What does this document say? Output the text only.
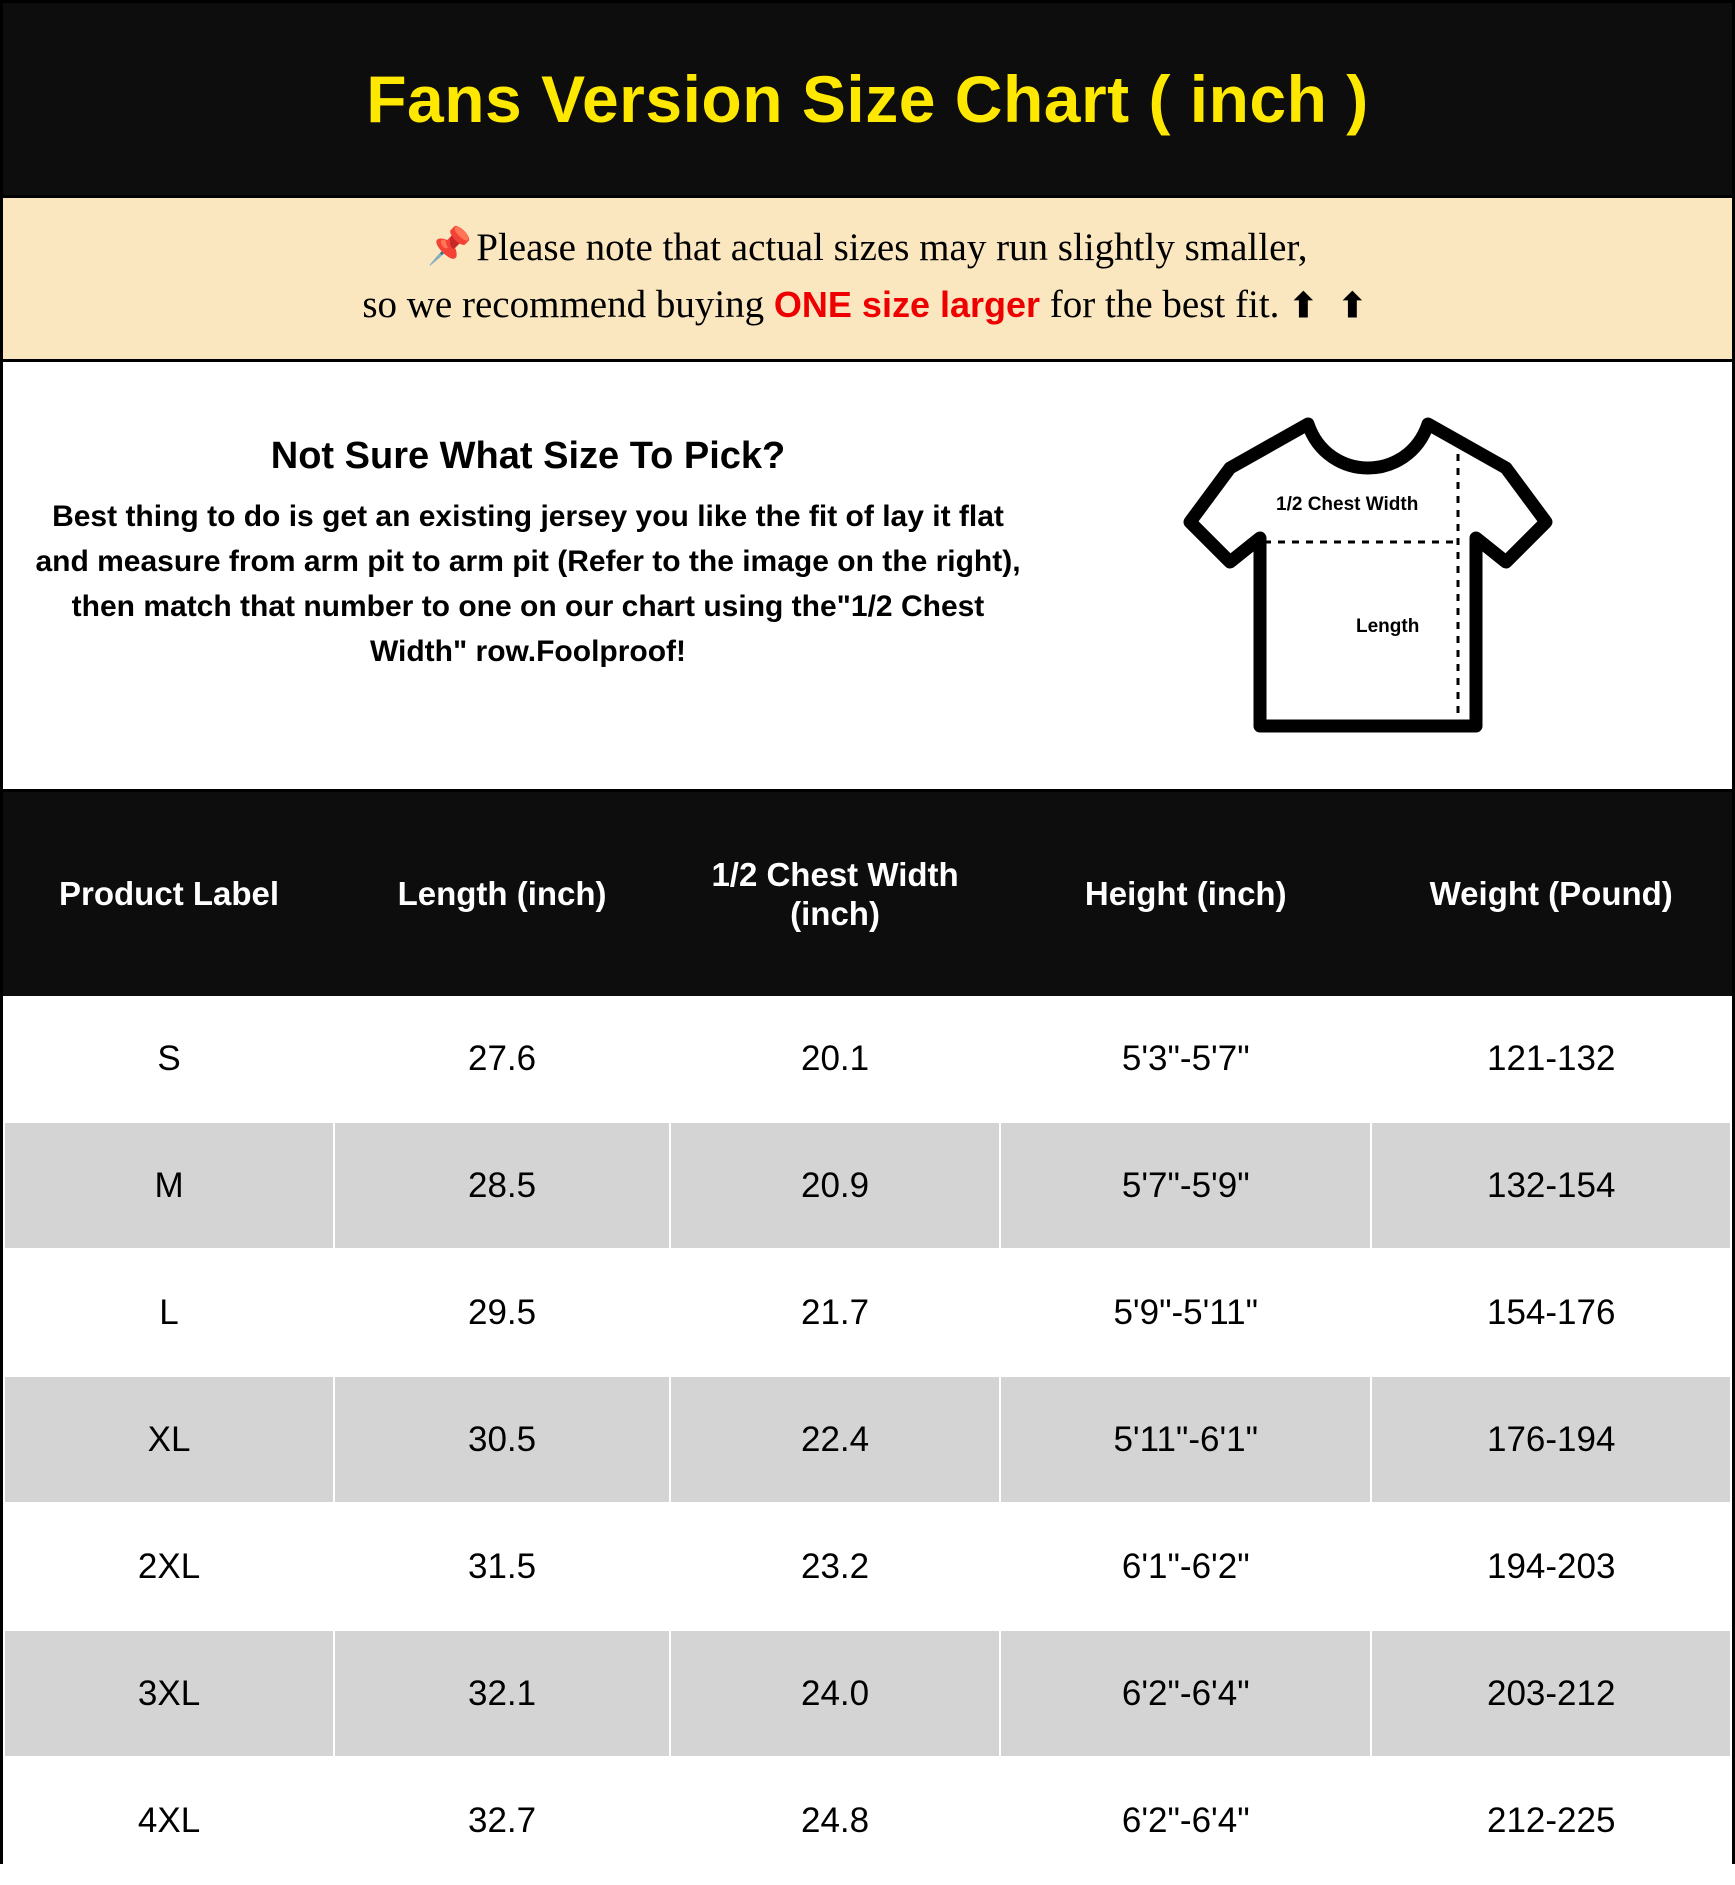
Fans Version Size Chart ( inch )
📌 Please note that actual sizes may run slightly smaller,
so we recommend buying ONE size larger for the best fit. ⬆ ⬆
Not Sure What Size To Pick?
Best thing to do is get an existing jersey you like the fit of lay it flat and measure from arm pit to arm pit (Refer to the image on the right), then match that number to one on our chart using the"1/2 Chest Width" row.Foolproof!
1/2 Chest Width
Length
Product Label	Length (inch)	1/2 Chest Width (inch)	Height (inch)	Weight (Pound)
S	27.6	20.1	5'3"-5'7"	121-132
M	28.5	20.9	5'7"-5'9"	132-154
L	29.5	21.7	5'9"-5'11"	154-176
XL	30.5	22.4	5'11"-6'1"	176-194
2XL	31.5	23.2	6'1"-6'2"	194-203
3XL	32.1	24.0	6'2"-6'4"	203-212
4XL	32.7	24.8	6'2"-6'4"	212-225
